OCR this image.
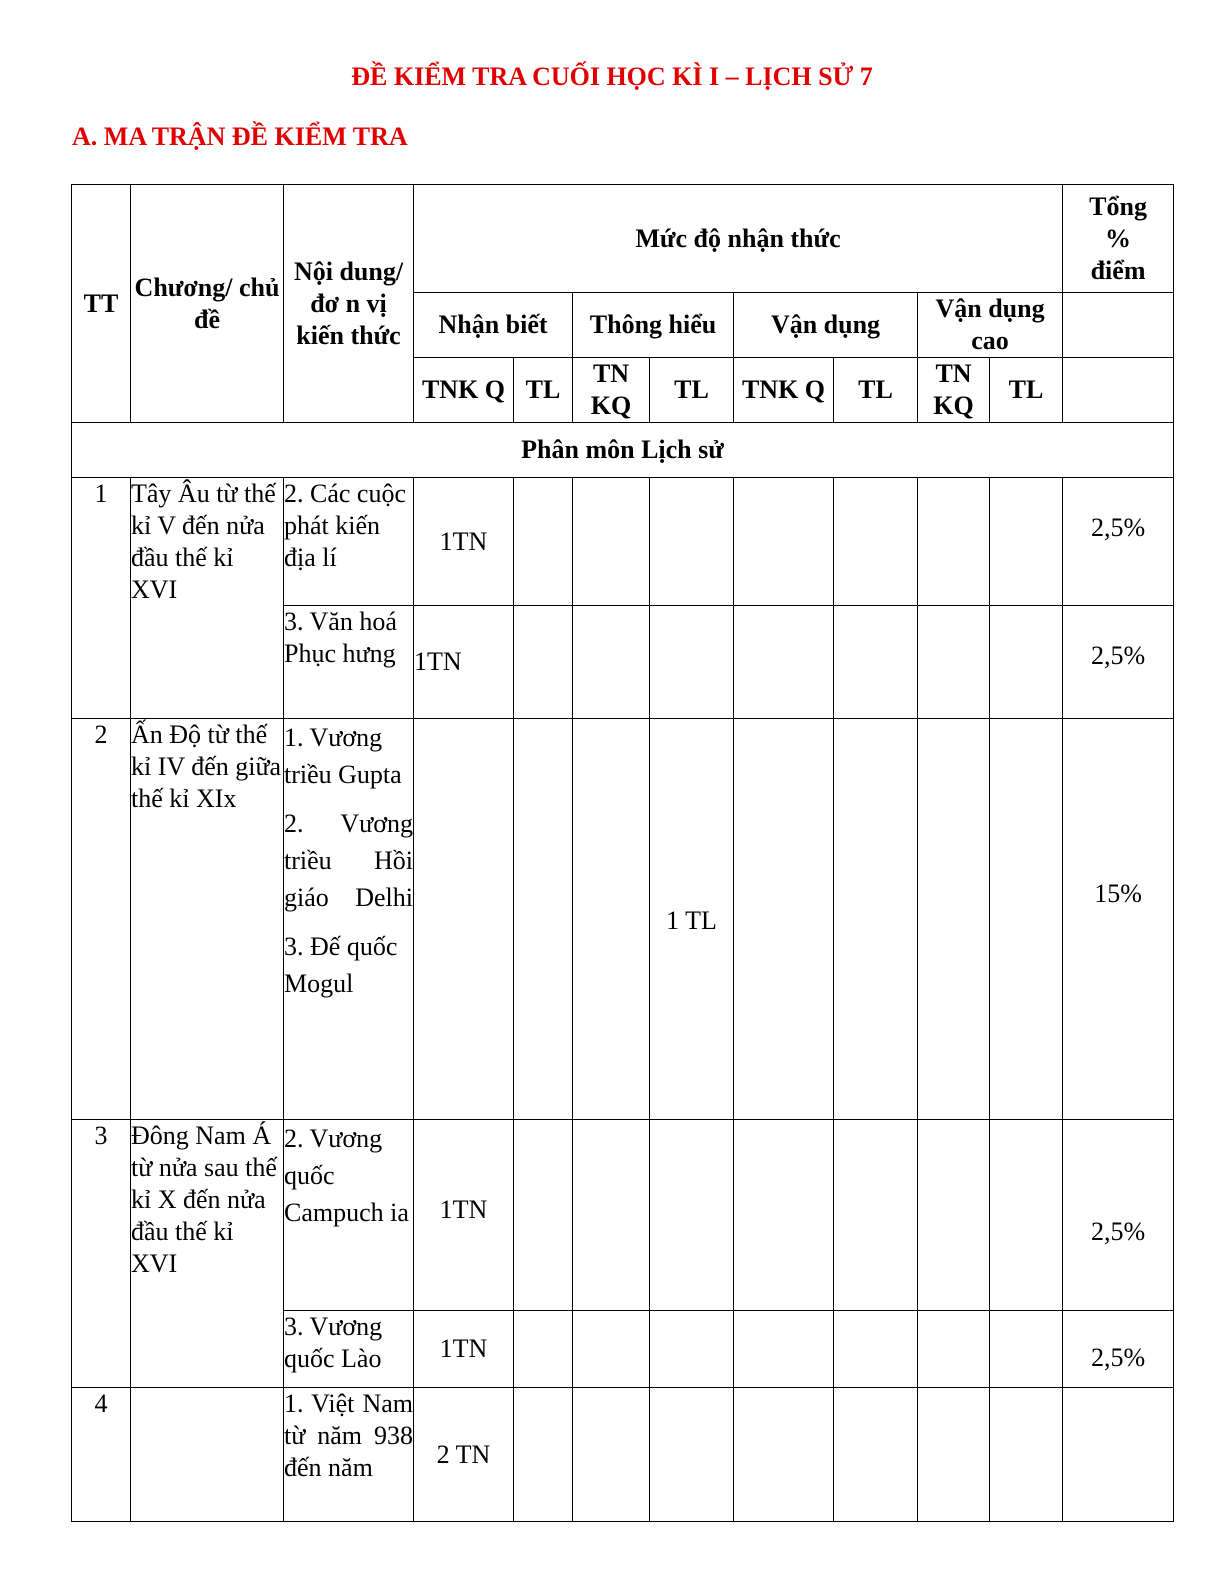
ĐỀ KIỂM TRA CUỐI HỌC KÌ I – LỊCH SỬ 7
A. MA TRẬN ĐỀ KIỂM TRA
TT	Chương/ chủ đề	Nội dung/đơ n vị kiến thức	Mức độ nhận thức								Tổng % điểm
			Nhận biết		Thông hiểu		Vận dụng		Vận dụng cao		
			TNK Q	TL	TN KQ	TL	TNK Q	TL	TN KQ	TL	
Phân môn Lịch sử											
1	Tây Âu từ thế kỉ V đến nửa đầu thế kỉ XVI	2. Các cuộc phát kiến địa lí	1TN								2,5%
		3. Văn hoá Phục hưng	1TN								2,5%
2	Ấn Độ từ thế kỉ IV đến giữa thế kỉ XIx	1. Vương triều Gupta

2. Vương triều Hồi giáo Delhi

3. Đế quốc Mogul				1 TL					15%
3	Đông Nam Á từ nửa sau thế kỉ X đến nửa đầu thế kỉ XVI	2. Vương quốc Campuch ia	1TN								2,5%
		3. Vương quốc Lào	1TN								2,5%
4		1. Việt Nam từ năm 938 đến năm	2 TN								
